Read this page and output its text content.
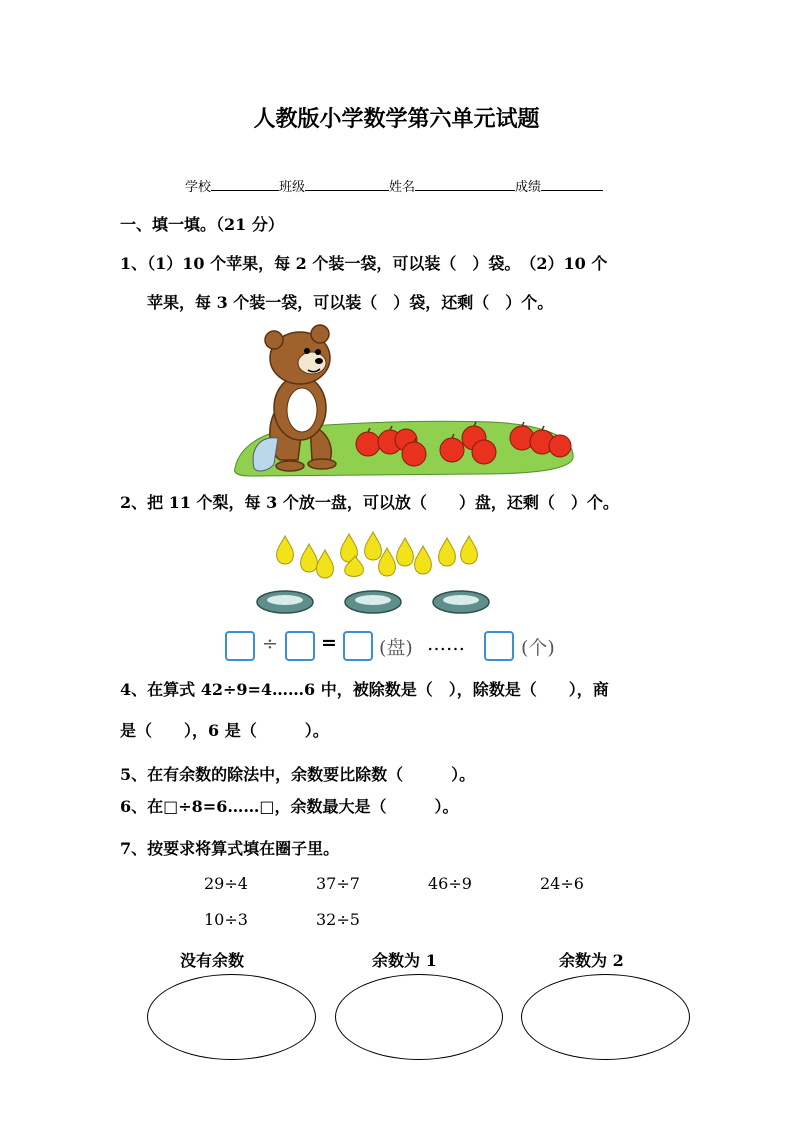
人教版小学数学第六单元试题
学校	班级	姓名	成绩
一、填一填。（21 分）
1、（1）10 个苹果，每 2 个装一袋，可以装（　）袋。　（2）10 个
苹果，每 3 个装一袋，可以装（　）袋，还剩（　）个。
2、把 11 个梨，每 3 个放一盘，可以放（　　）盘，还剩（　）个。
÷ = (盘) ……	(个)
4、在算式 42÷9=4……6 中，被除数是（　），除数是（　　），商
是（　　），6 是（　　　）。
5、在有余数的除法中，余数要比除数（　　　）。
6、在□÷8=6……□，余数最大是（　　　）。
7、按要求将算式填在圈子里。
29÷4	37÷7	46÷9	24÷6
10÷3	32÷5
没有余数	余数为 1	余数为 2
